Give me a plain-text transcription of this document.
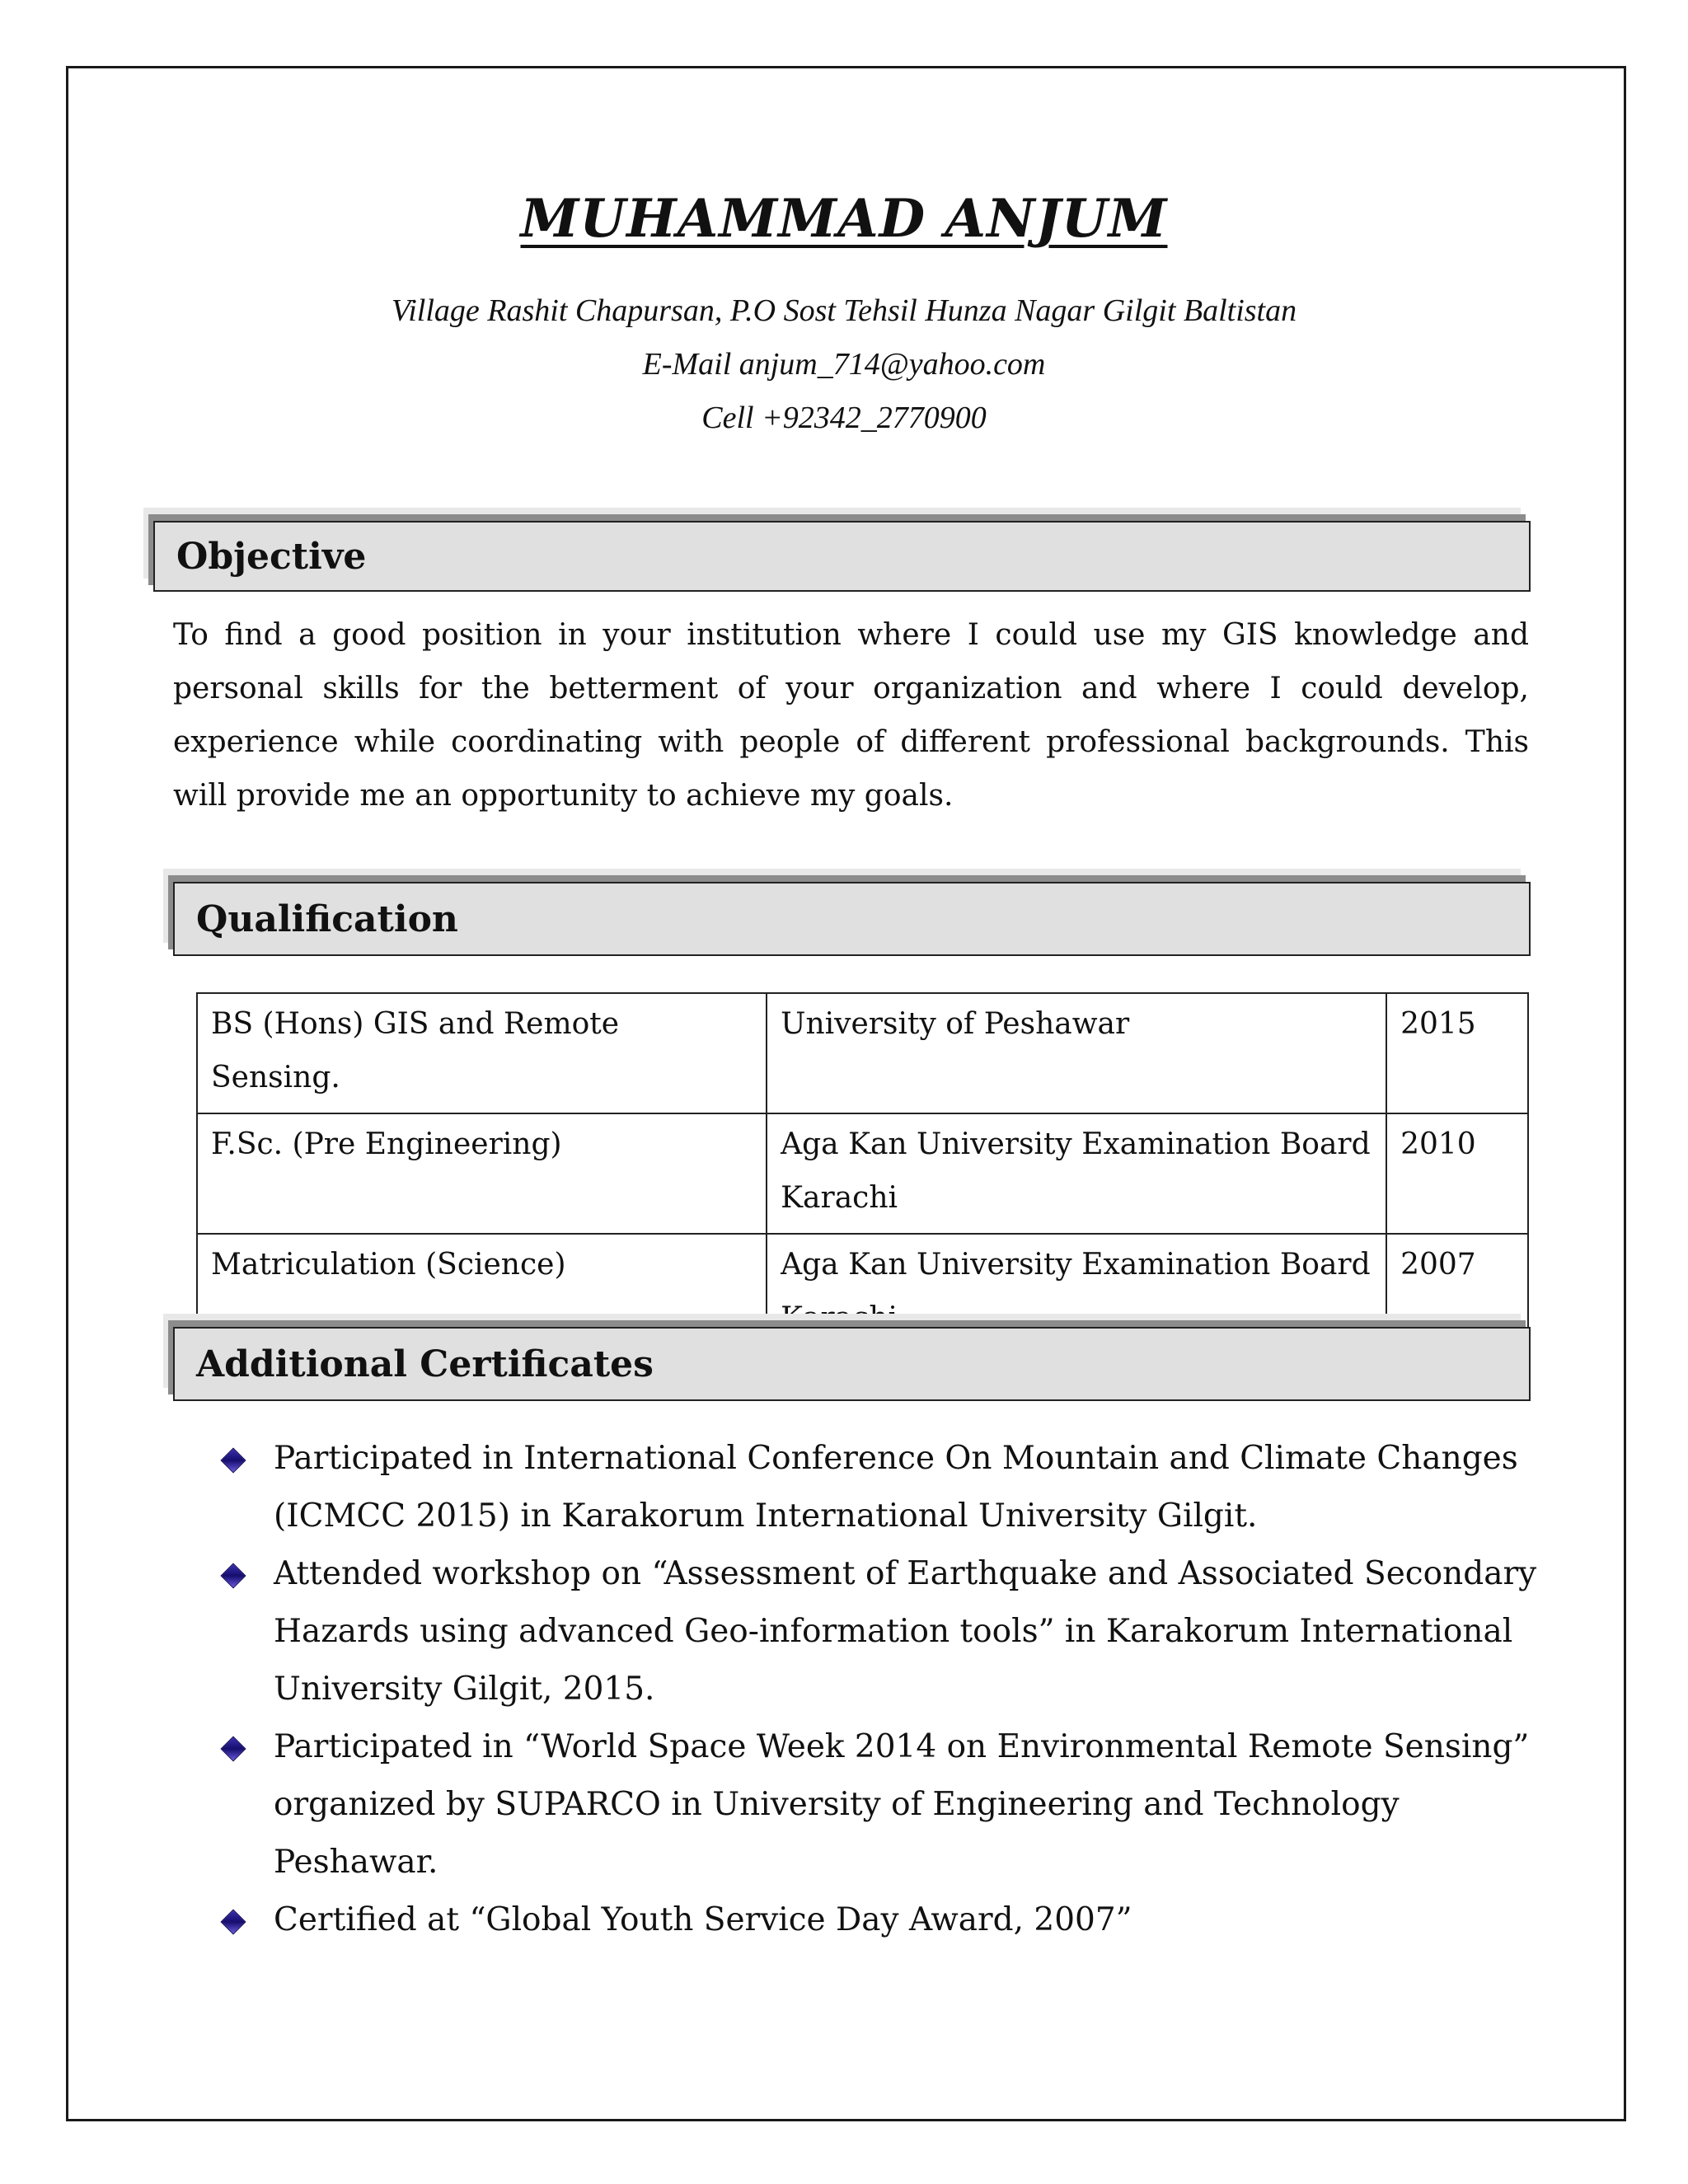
MUHAMMAD ANJUM
Village Rashit Chapursan, P.O Sost Tehsil Hunza Nagar Gilgit Baltistan
E-Mail anjum_714@yahoo.com
Cell +92342_2770900
Objective
To find a good position in your institution where I could use my GIS knowledge and personal skills for the betterment of your organization and where I could develop, experience while coordinating with people of different professional backgrounds. This will provide me an opportunity to achieve my goals.
Qualification
BS (Hons) GIS and Remote Sensing.	University of Peshawar	2015
F.Sc. (Pre Engineering)	Aga Kan University Examination Board Karachi	2010
Matriculation (Science)	Aga Kan University Examination Board	2007
Additional Certificates
Participated in International Conference On Mountain and Climate Changes (ICMCC 2015) in Karakorum International University Gilgit.
Attended workshop on “Assessment of Earthquake and Associated Secondary Hazards using advanced Geo-information tools” in Karakorum International University Gilgit, 2015.
Participated in “World Space Week 2014 on Environmental Remote Sensing” organized by SUPARCO in University of Engineering and Technology Peshawar.
Certified at “Global Youth Service Day Award, 2007”
